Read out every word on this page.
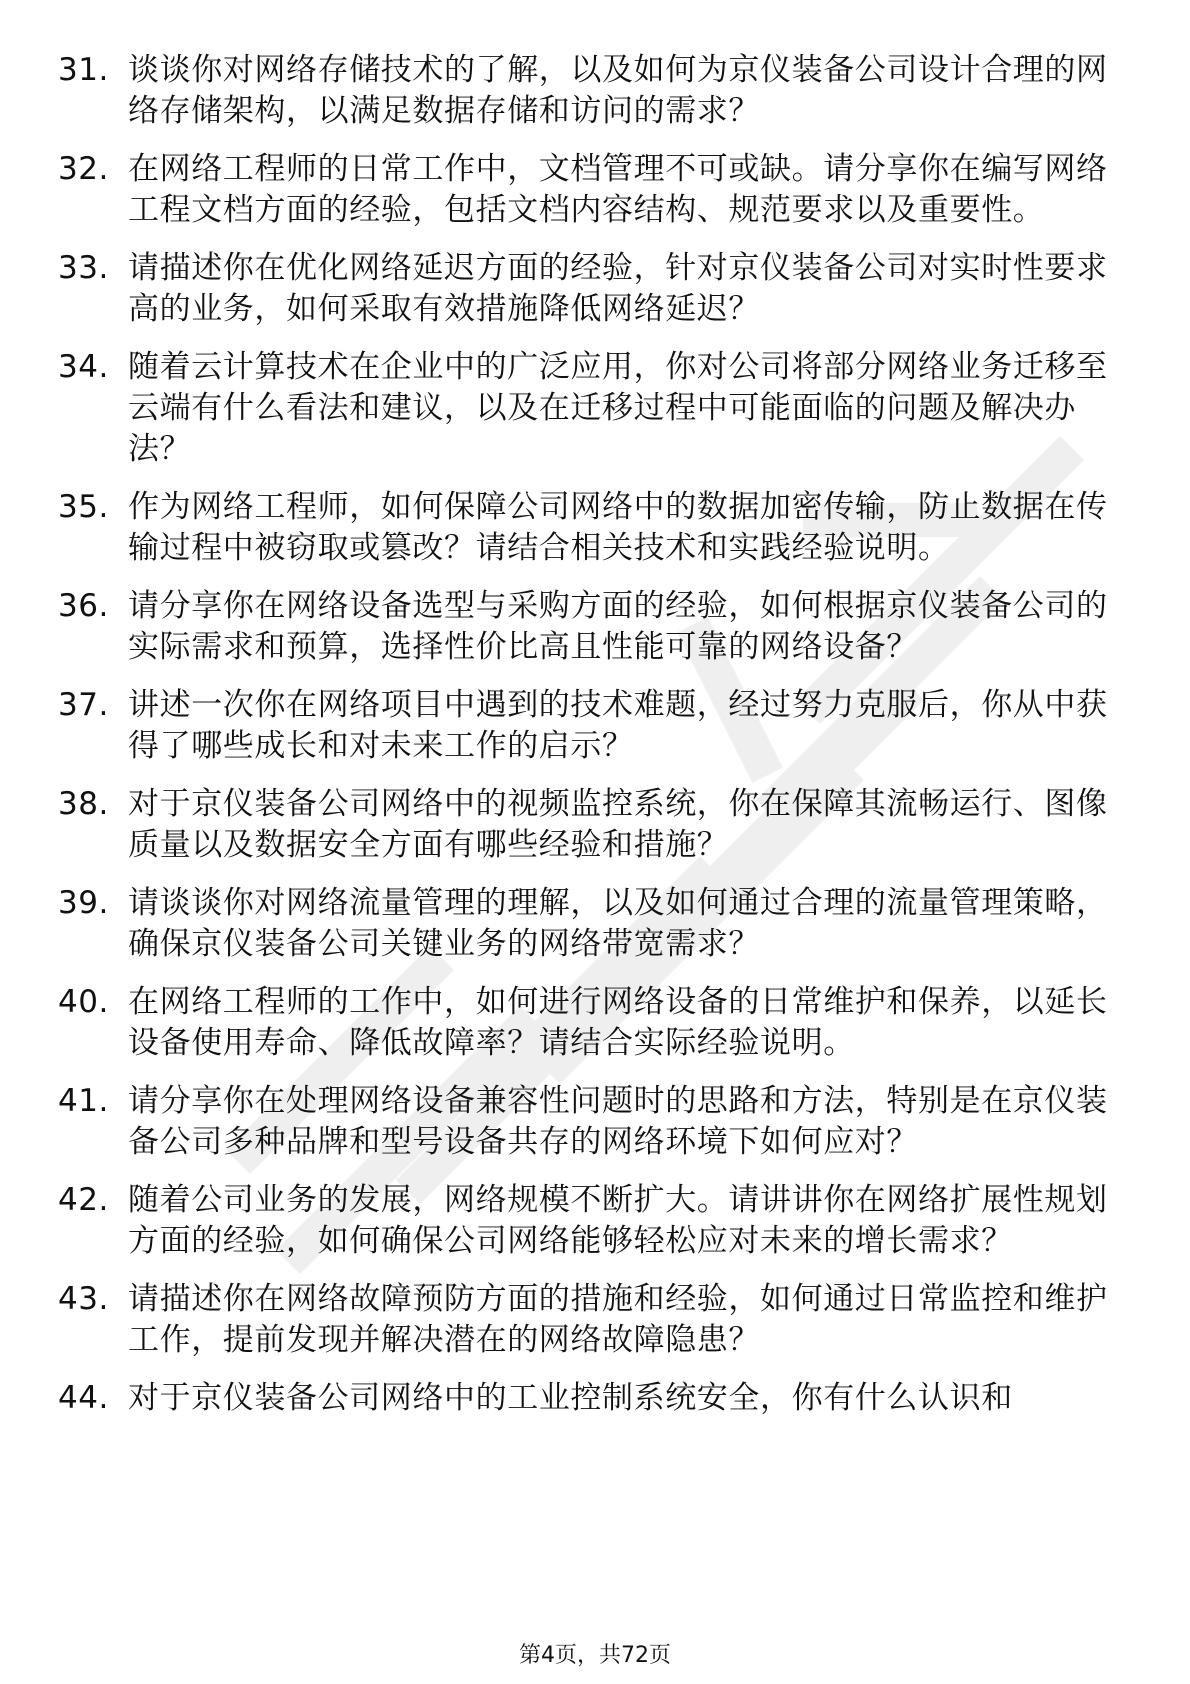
31. 谈谈你对网络存储技术的了解，以及如何为京仪装备公司设计合理的网络存储架构，以满足数据存储和访问的需求？
32. 在网络工程师的日常工作中，文档管理不可或缺。请分享你在编写网络工程文档方面的经验，包括文档内容结构、规范要求以及重要性。
33. 请描述你在优化网络延迟方面的经验，针对京仪装备公司对实时性要求高的业务，如何采取有效措施降低网络延迟？
34. 随着云计算技术在企业中的广泛应用，你对公司将部分网络业务迁移至云端有什么看法和建议，以及在迁移过程中可能面临的问题及解决办法？
35. 作为网络工程师，如何保障公司网络中的数据加密传输，防止数据在传输过程中被窃取或篡改？请结合相关技术和实践经验说明。
36. 请分享你在网络设备选型与采购方面的经验，如何根据京仪装备公司的实际需求和预算，选择性价比高且性能可靠的网络设备？
37. 讲述一次你在网络项目中遇到的技术难题，经过努力克服后，你从中获得了哪些成长和对未来工作的启示？
38. 对于京仪装备公司网络中的视频监控系统，你在保障其流畅运行、图像质量以及数据安全方面有哪些经验和措施？
39. 请谈谈你对网络流量管理的理解，以及如何通过合理的流量管理策略，确保京仪装备公司关键业务的网络带宽需求？
40. 在网络工程师的工作中，如何进行网络设备的日常维护和保养，以延长设备使用寿命、降低故障率？请结合实际经验说明。
41. 请分享你在处理网络设备兼容性问题时的思路和方法，特别是在京仪装备公司多种品牌和型号设备共存的网络环境下如何应对？
42. 随着公司业务的发展，网络规模不断扩大。请讲讲你在网络扩展性规划方面的经验，如何确保公司网络能够轻松应对未来的增长需求？
43. 请描述你在网络故障预防方面的措施和经验，如何通过日常监控和维护工作，提前发现并解决潜在的网络故障隐患？
44. 对于京仪装备公司网络中的工业控制系统安全，你有什么认识和
第4页，共72页
